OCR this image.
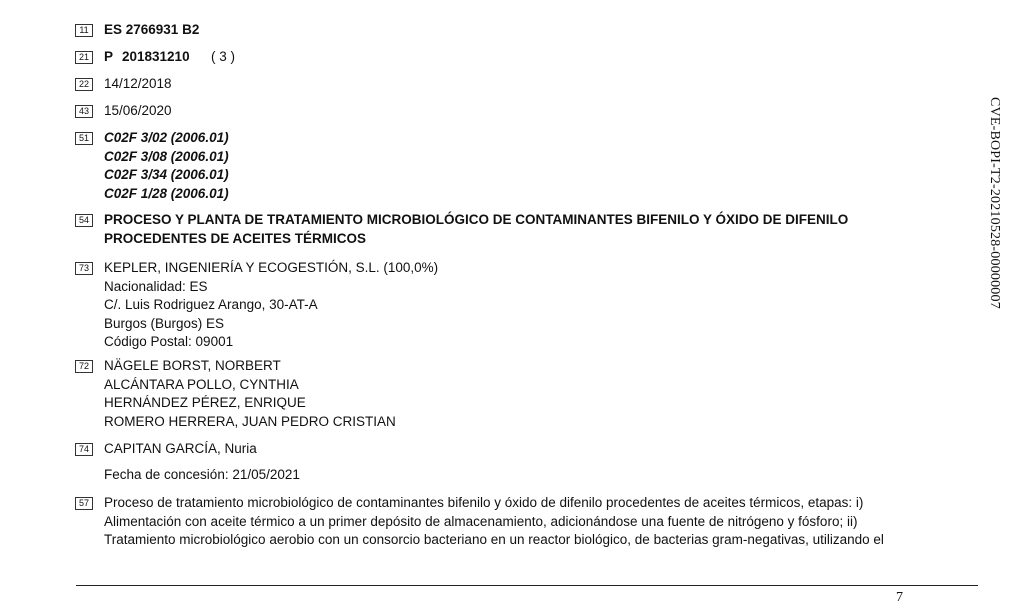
11	ES 2766931 B2
21 P 201831210 ( 3 )
22 14/12/2018
43 15/06/2020
51 C02F 3/02 (2006.01)
C02F 3/08 (2006.01)
C02F 3/34 (2006.01)
C02F 1/28 (2006.01)
54 PROCESO Y PLANTA DE TRATAMIENTO MICROBIOLÓGICO DE CONTAMINANTES BIFENILO Y ÓXIDO DE DIFENILO
PROCEDENTES DE ACEITES TÉRMICOS
73 KEPLER, INGENIERÍA Y ECOGESTIÓN, S.L. (100,0%)
Nacionalidad: ES
C/. Luis Rodriguez Arango, 30-AT-A
Burgos (Burgos) ES
Código Postal: 09001
72 NÄGELE BORST, NORBERT
ALCÁNTARA POLLO, CYNTHIA
HERNÁNDEZ PÉREZ, ENRIQUE
ROMERO HERRERA, JUAN PEDRO CRISTIAN
74 CAPITAN GARCÍA, Nuria
Fecha de concesión: 21/05/2021
57 Proceso de tratamiento microbiológico de contaminantes bifenilo y óxido de difenilo procedentes de aceites térmicos, etapas: i)
Alimentación con aceite térmico a un primer depósito de almacenamiento, adicionándose una fuente de nitrógeno y fósforo; ii)
Tratamiento microbiológico aerobio con un consorcio bacteriano en un reactor biológico, de bacterias gram-negativas, utilizando el
7
CVE-BOPI-T2-20210528-00000007
